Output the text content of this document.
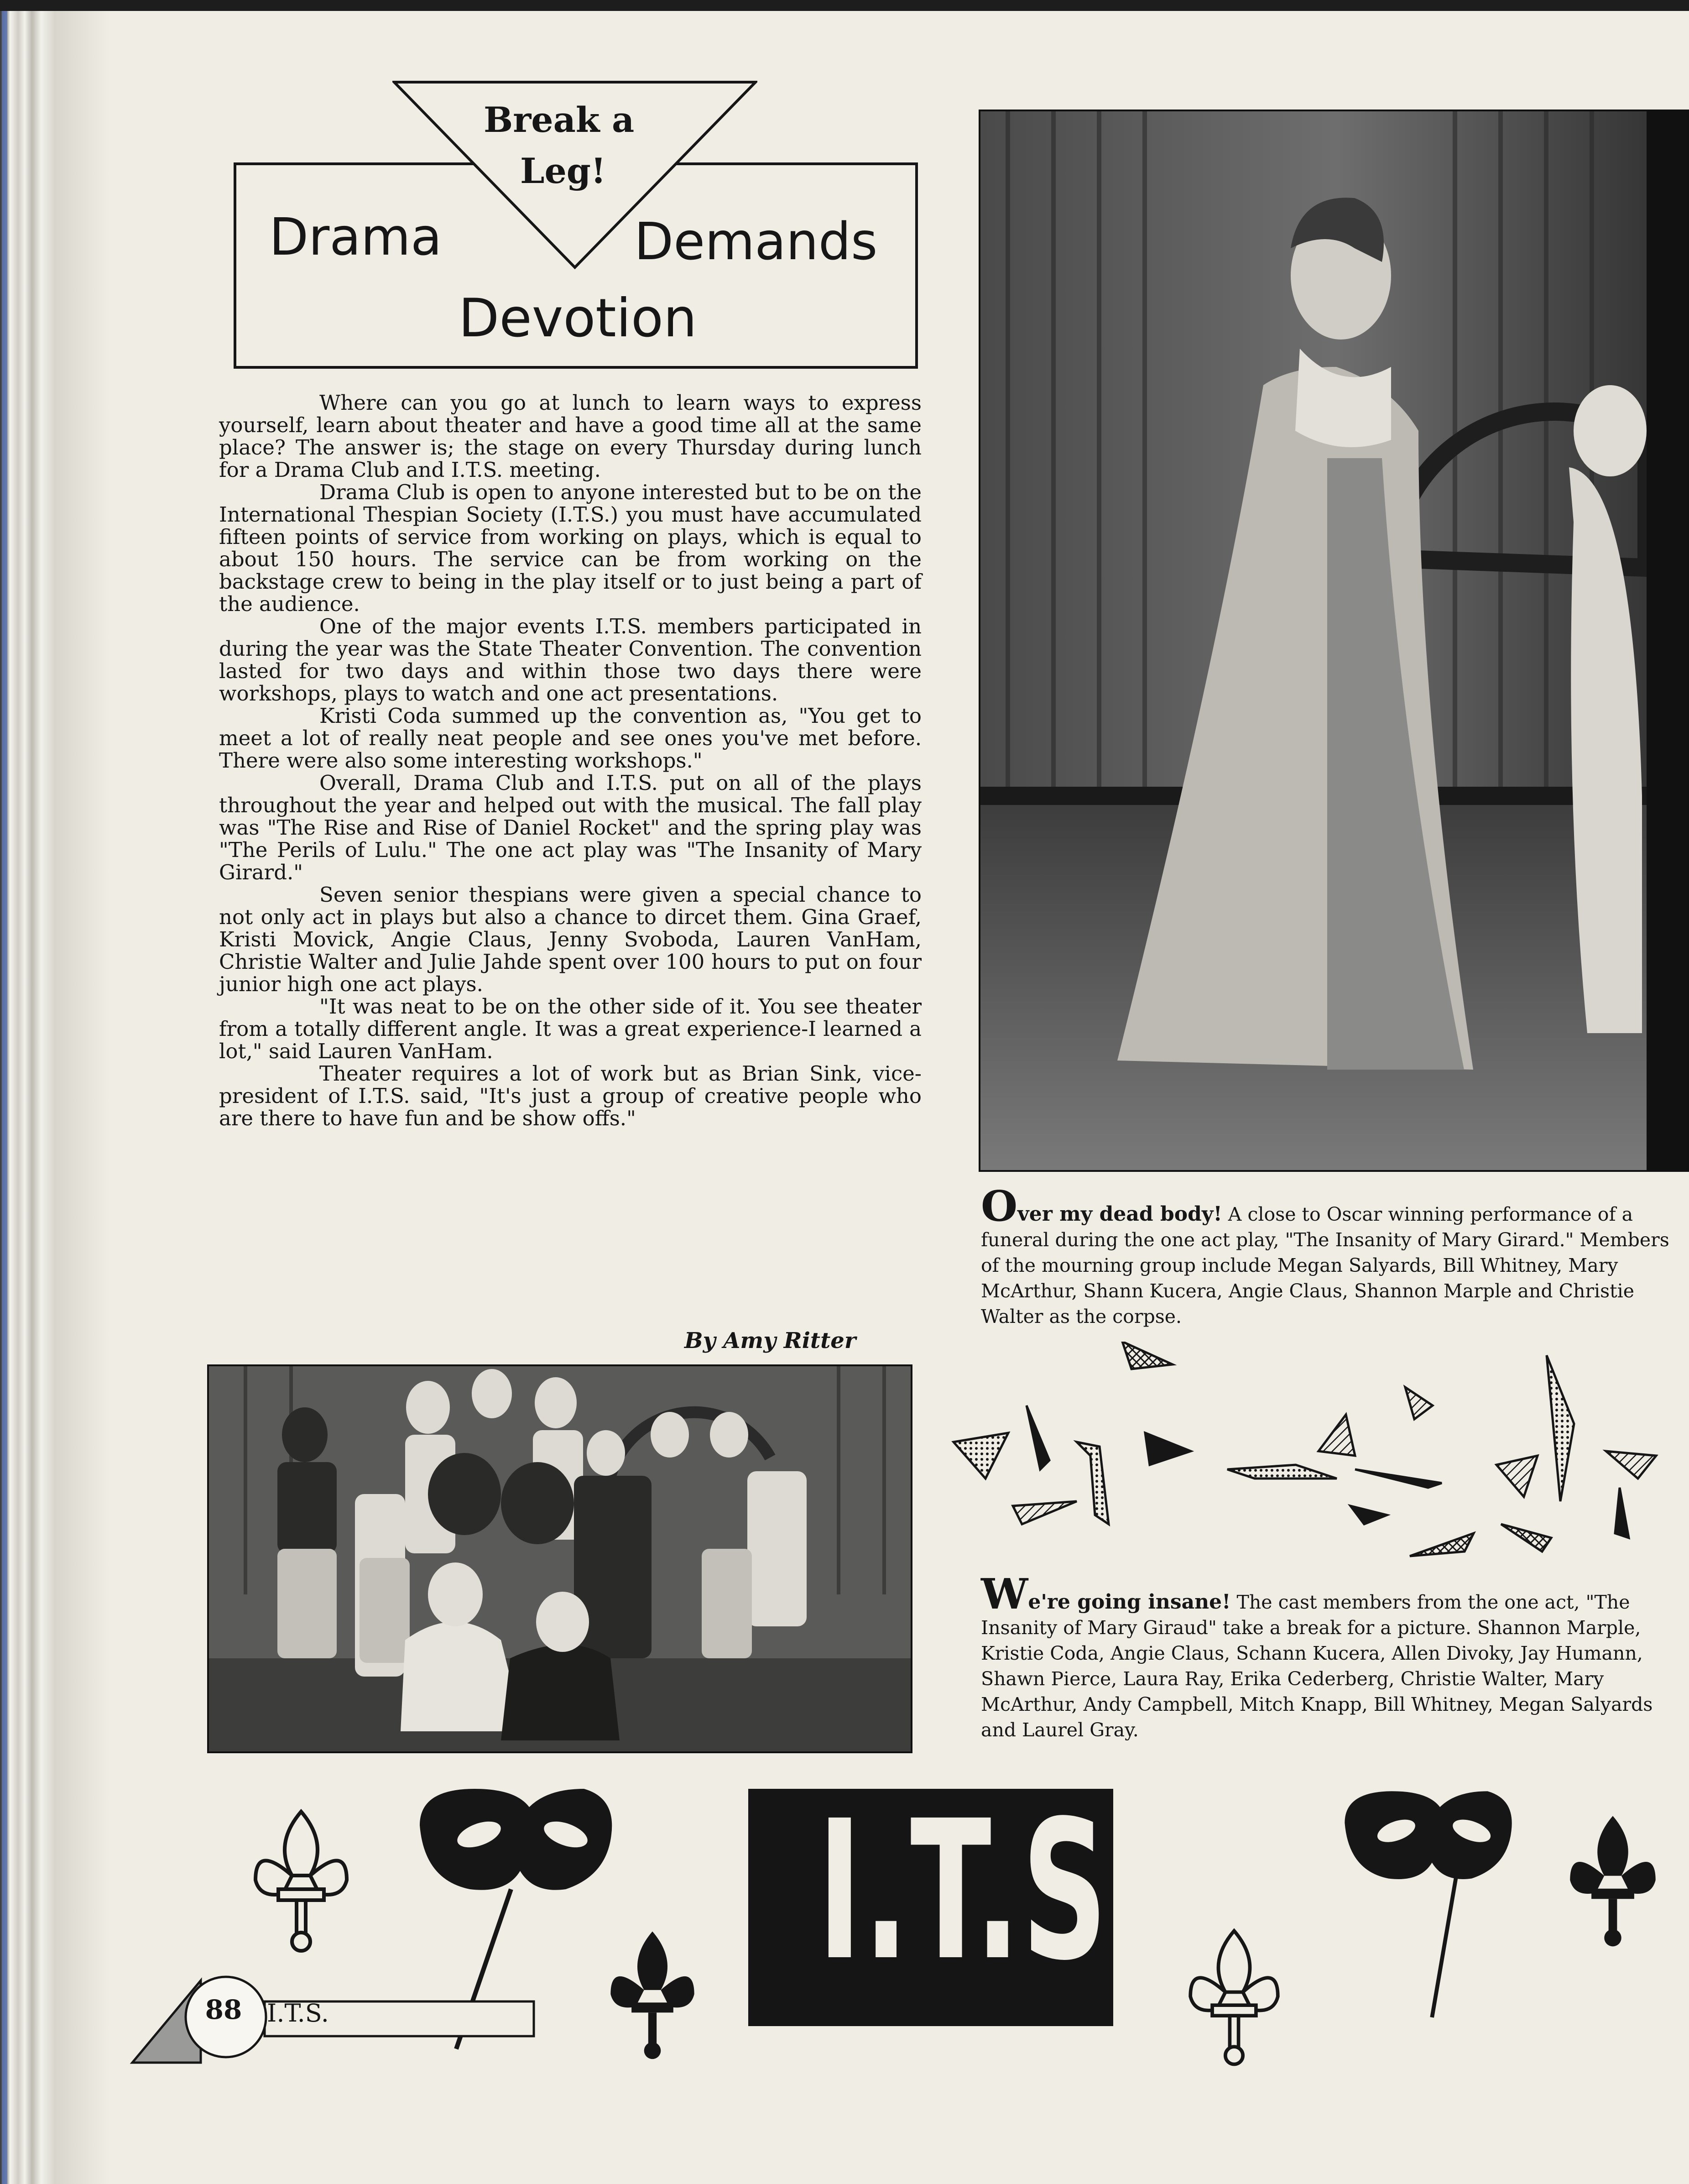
Break a
Leg!
Drama	Demands
Devotion

Where can you go at lunch to learn ways to express yourself, learn about theater and have a good time all at the same place? The answer is; the stage on every Thursday during lunch for a Drama Club and I.T.S. meeting.

Drama Club is open to anyone interested but to be on the International Thespian Society (I.T.S.) you must have accumulated fifteen points of service from working on plays, which is equal to about 150 hours. The service can be from working on the backstage crew to being in the play itself or to just being a part of the audience.

One of the major events I.T.S. members participated in during the year was the State Theater Convention. The convention lasted for two days and within those two days there were workshops, plays to watch and one act presentations.

Kristi Coda summed up the convention as, "You get to meet a lot of really neat people and see ones you've met before. There were also some interesting workshops."

Overall, Drama Club and I.T.S. put on all of the plays throughout the year and helped out with the musical. The fall play was "The Rise and Rise of Daniel Rocket" and the spring play was "The Perils of Lulu." The one act play was "The Insanity of Mary Girard."

Seven senior thespians were given a special chance to not only act in plays but also a chance to dircet them. Gina Graef, Kristi Movick, Angie Claus, Jenny Svoboda, Lauren VanHam, Christie Walter and Julie Jahde spent over 100 hours to put on four junior high one act plays.

"It was neat to be on the other side of it. You see theater from a totally different angle. It was a great experience-I learned a lot," said Lauren VanHam.

Theater requires a lot of work but as Brian Sink, vice-president of I.T.S. said, "It's just a group of creative people who are there to have fun and be show offs."

By Amy Ritter
Over my dead body! A close to Oscar winning performance of a funeral during the one act play, "The Insanity of Mary Girard." Members of the mourning group include Megan Salyards, Bill Whitney, Mary McArthur, Shann Kucera, Angie Claus, Shannon Marple and Christie Walter as the corpse.
We're going insane! The cast members from the one act, "The Insanity of Mary Giraud" take a break for a picture. Shannon Marple, Kristie Coda, Angie Claus, Schann Kucera, Allen Divoky, Jay Humann, Shawn Pierce, Laura Ray, Erika Cederberg, Christie Walter, Mary McArthur, Andy Campbell, Mitch Knapp, Bill Whitney, Megan Salyards and Laurel Gray.
I.T.S.
88	I.T.S.
